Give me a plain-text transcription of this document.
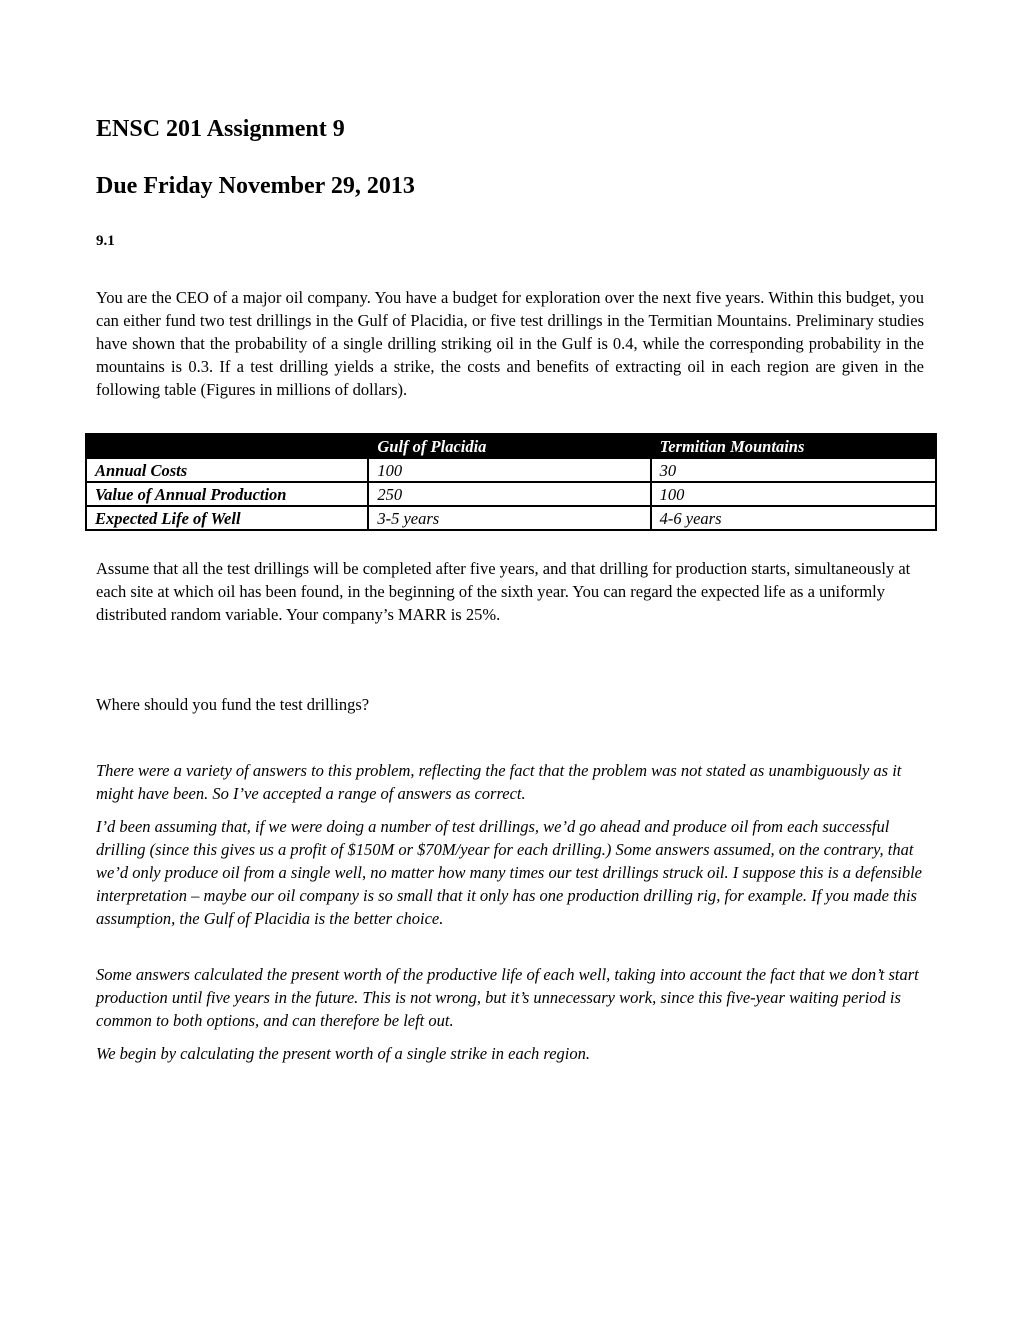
ENSC 201 Assignment 9
Due Friday November 29, 2013

9.1

You are the CEO of a major oil company. You have a budget for exploration over the next five years. Within this budget, you can either fund two test drillings in the Gulf of Placidia, or five test drillings in the Termitian Mountains. Preliminary studies have shown that the probability of a single drilling striking oil in the Gulf is 0.4, while the corresponding probability in the mountains is 0.3. If a test drilling yields a strike, the costs and benefits of extracting oil in each region are given in the following table (Figures in millions of dollars).

	Gulf of Placidia	Termitian Mountains
Annual Costs	100	30
Value of Annual Production	250	100
Expected Life of Well	3-5 years	4-6 years

Assume that all the test drillings will be completed after five years, and that drilling for production starts, simultaneously at each site at which oil has been found, in the beginning of the sixth year. You can regard the expected life as a uniformly distributed random variable. Your company’s MARR is 25%.

Where should you fund the test drillings?

There were a variety of answers to this problem, reflecting the fact that the problem was not stated as unambiguously as it might have been. So I’ve accepted a range of answers as correct.

I’d been assuming that, if we were doing a number of test drillings, we’d go ahead and produce oil from each successful drilling (since this gives us a profit of $150M or $70M/year for each drilling.) Some answers assumed, on the contrary, that we’d only produce oil from a single well, no matter how many times our test drillings struck oil. I suppose this is a defensible interpretation – maybe our oil company is so small that it only has one production drilling rig, for example. If you made this assumption, the Gulf of Placidia is the better choice.

Some answers calculated the present worth of the productive life of each well, taking into account the fact that we don’t start production until five years in the future. This is not wrong, but it’s unnecessary work, since this five-year waiting period is common to both options, and can therefore be left out.

We begin by calculating the present worth of a single strike in each region.
